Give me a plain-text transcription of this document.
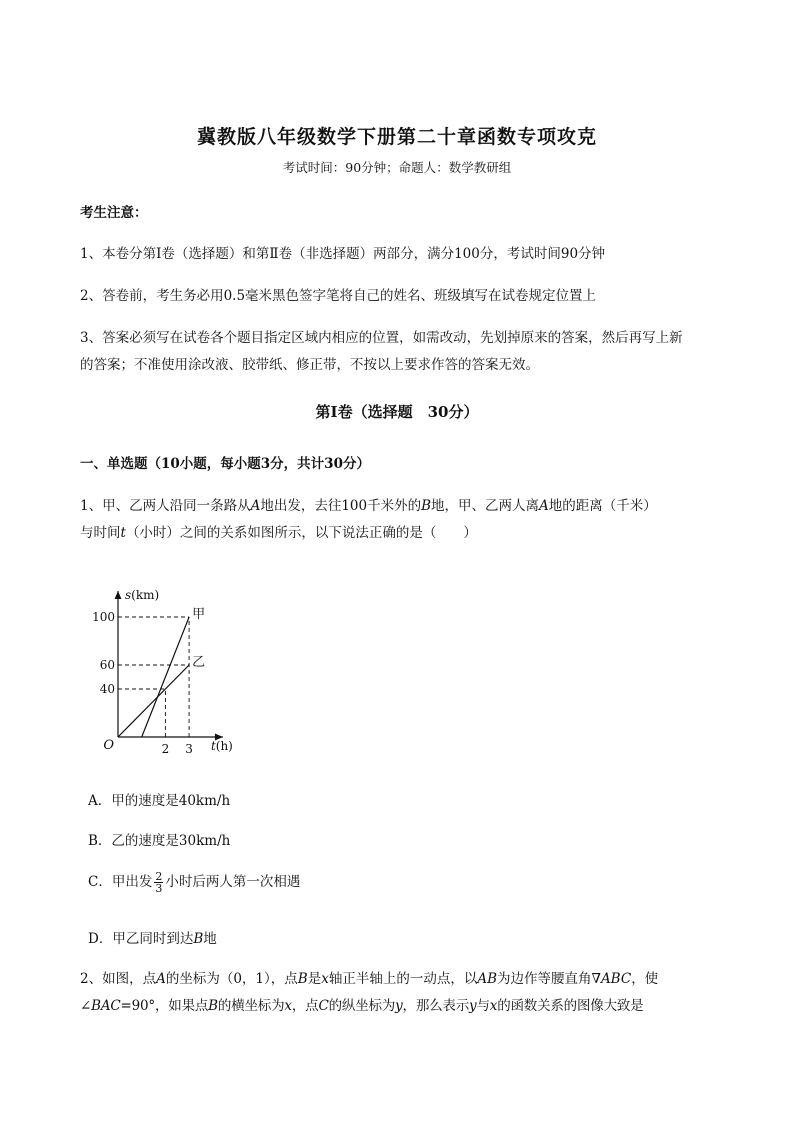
冀教版八年级数学下册第二十章函数专项攻克
考试时间：90分钟；命题人：数学教研组
考生注意：
1、本卷分第Ⅰ卷（选择题）和第Ⅱ卷（非选择题）两部分，满分100分，考试时间90分钟
2、答卷前，考生务必用0.5毫米黑色签字笔将自己的姓名、班级填写在试卷规定位置上
3、答案必须写在试卷各个题目指定区域内相应的位置，如需改动，先划掉原来的答案，然后再写上新
的答案；不准使用涂改液、胶带纸、修正带，不按以上要求作答的答案无效。
第Ⅰ卷（选择题　30分）
一、单选题（10小题，每小题3分，共计30分）
1、甲、乙两人沿同一条路从A地出发，去往100千米外的B地，甲、乙两人离A地的距离（千米）
与时间t（小时）之间的关系如图所示，以下说法正确的是（　　）
甲
乙
40
60
100
2 3
O
s(km)
t(h)
A．甲的速度是40km/h
B．乙的速度是30km/h
C．甲出发 $\frac{2}{3}$ 小时后两人第一次相遇
D．甲乙同时到达B地
2、如图，点A的坐标为（0，1），点B是x轴正半轴上的一动点，以AB为边作等腰直角∇ABC，使
∠BAC=90°，如果点B的横坐标为x，点C的纵坐标为y，那么表示y与x的函数关系的图像大致是
